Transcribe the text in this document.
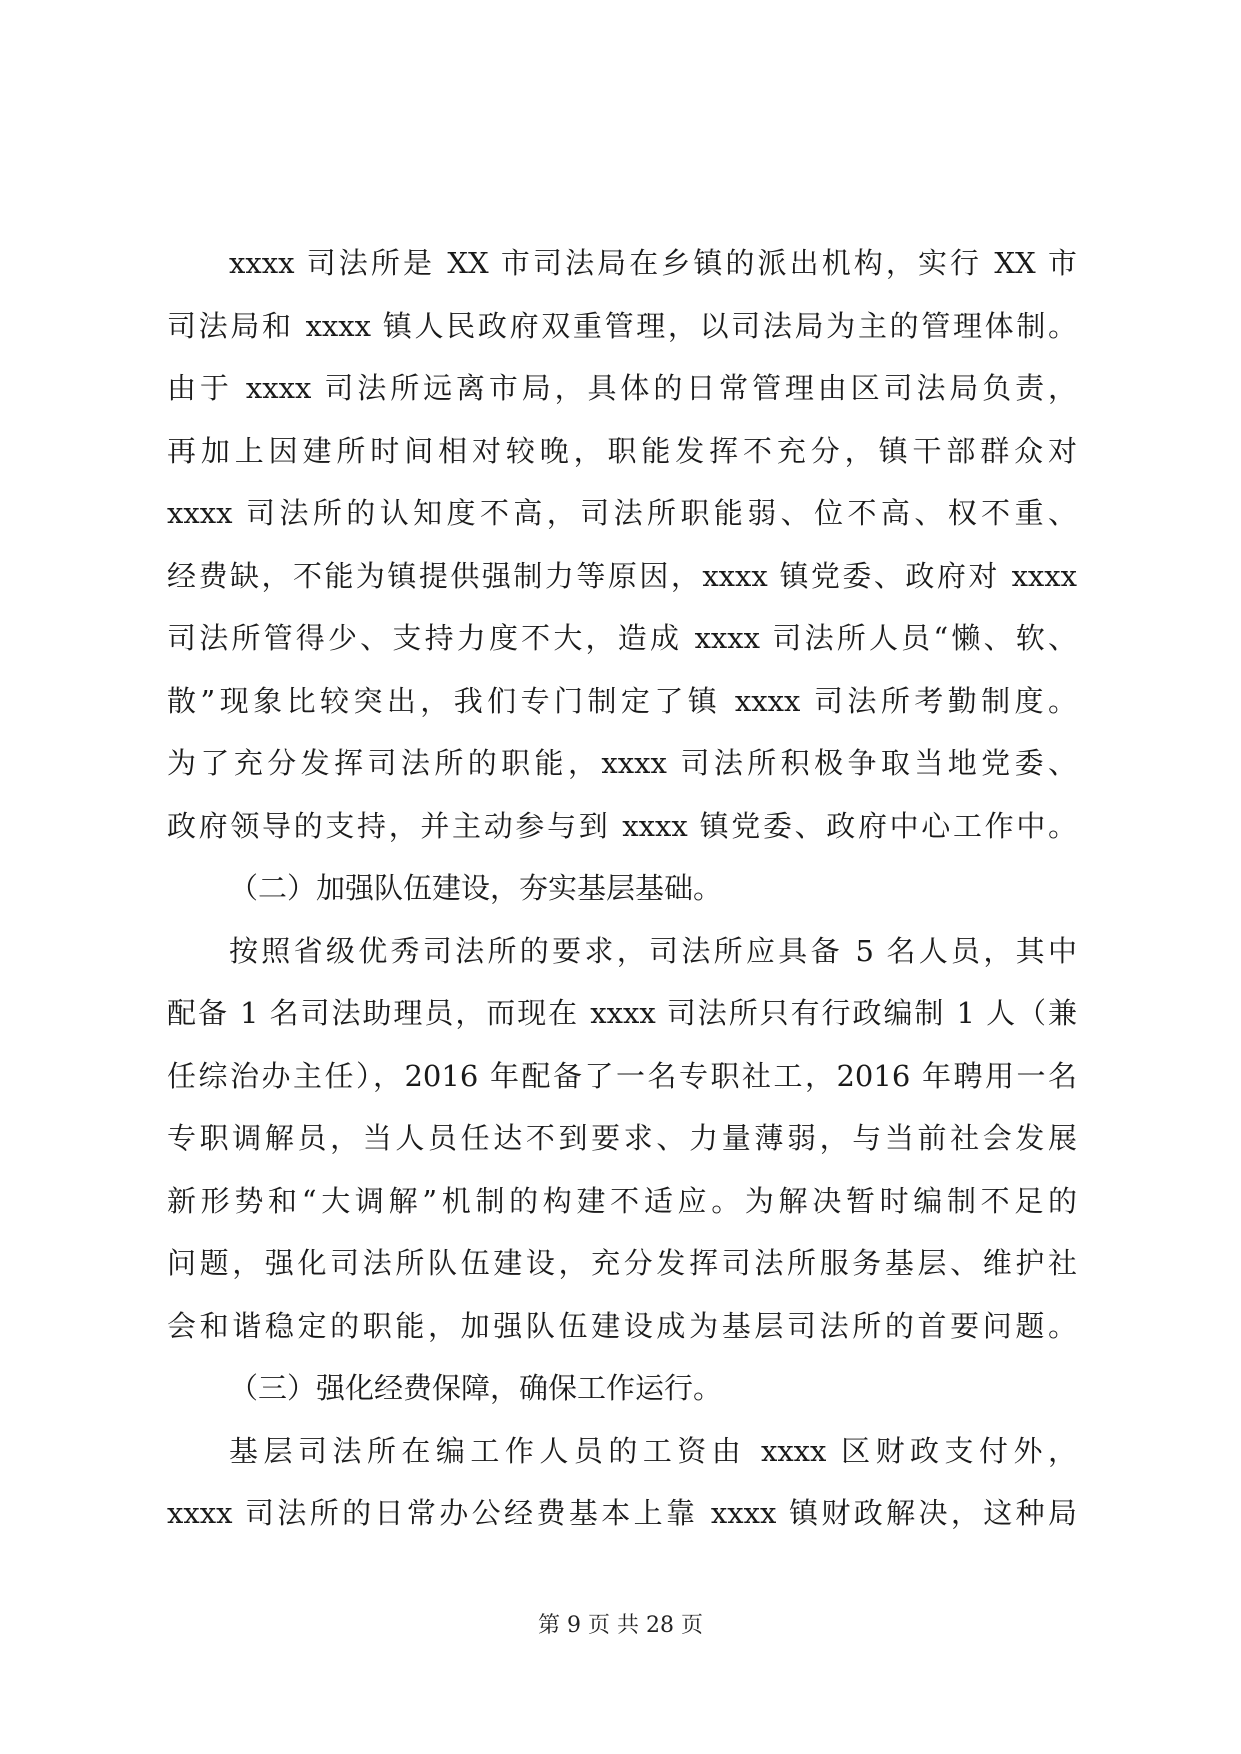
xxxx 司法所是 XX 市司法局在乡镇的派出机构，实行 XX 市
司法局和 xxxx 镇人民政府双重管理，以司法局为主的管理体制。
由于 xxxx 司法所远离市局，具体的日常管理由区司法局负责，
再加上因建所时间相对较晚，职能发挥不充分，镇干部群众对
xxxx 司法所的认知度不高，司法所职能弱、位不高、权不重、
经费缺，不能为镇提供强制力等原因，xxxx 镇党委、政府对 xxxx
司法所管得少、支持力度不大，造成 xxxx 司法所人员“懒、软、
散”现象比较突出，我们专门制定了镇 xxxx 司法所考勤制度。
为了充分发挥司法所的职能，xxxx 司法所积极争取当地党委、
政府领导的支持，并主动参与到 xxxx 镇党委、政府中心工作中。
（二）加强队伍建设，夯实基层基础。
按照省级优秀司法所的要求，司法所应具备 5 名人员，其中
配备 1 名司法助理员，而现在 xxxx 司法所只有行政编制 1 人（兼
任综治办主任），2016 年配备了一名专职社工，2016 年聘用一名
专职调解员，当人员任达不到要求、力量薄弱，与当前社会发展
新形势和“大调解”机制的构建不适应。为解决暂时编制不足的
问题，强化司法所队伍建设，充分发挥司法所服务基层、维护社
会和谐稳定的职能，加强队伍建设成为基层司法所的首要问题。
（三）强化经费保障，确保工作运行。
基层司法所在编工作人员的工资由 xxxx 区财政支付外，
xxxx 司法所的日常办公经费基本上靠 xxxx 镇财政解决，这种局
第 9 页 共 28 页
